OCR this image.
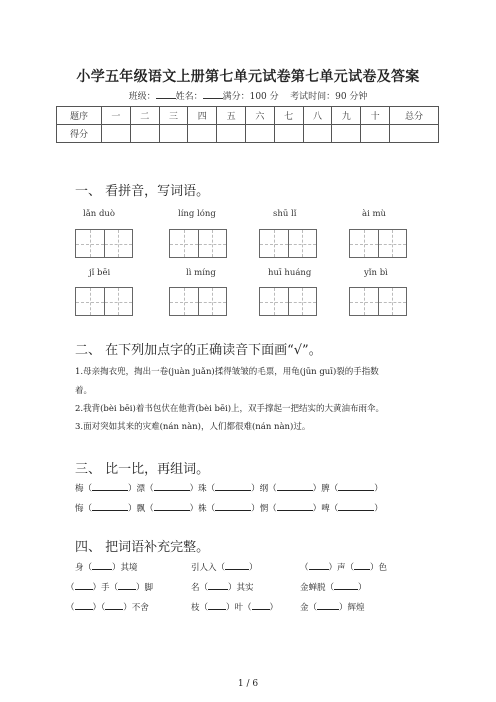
小学五年级语文上册第七单元试卷第七单元试卷及答案
班级： 姓名： 满分：100 分 考试时间：90 分钟
题序	一	二	三	四	五	六	七	八	九	十	总分
得分											
一、 看拼音，写词语。
lǎn duò	líng lóng	shū lǐ	ài mù
jǐ bēi	lì míng	huī huáng	yǐn bì
二、 在下列加点字的正确读音下面画“√”。
1.母亲掏衣兜，掏出一卷(juàn juǎn)揉得皱皱的毛票，用龟(jūn guī)裂的手指数
着。
2.我背(bèi bēi)着书包伏在他背(bèi bēi)上，双手撑起一把结实的大黄油布雨伞。
3.面对突如其来的灾难(nán nàn)，人们都很难(nán nàn)过。
三、 比一比，再组词。
梅（	）漂（	）珠（	）纲（	）脾（	）
悔（	）飘（	）株（	）惘（	）啤（	）
四、 把词语补充完整。
身（ ）其境	引人入（	）	（ ）声（ ）色
（ ）手（ ）脚	名（ ）其实	金蝉脱（	）
（ ）（ ）不舍	枝（ ）叶（ ）	金（	）辉煌
1 / 6
